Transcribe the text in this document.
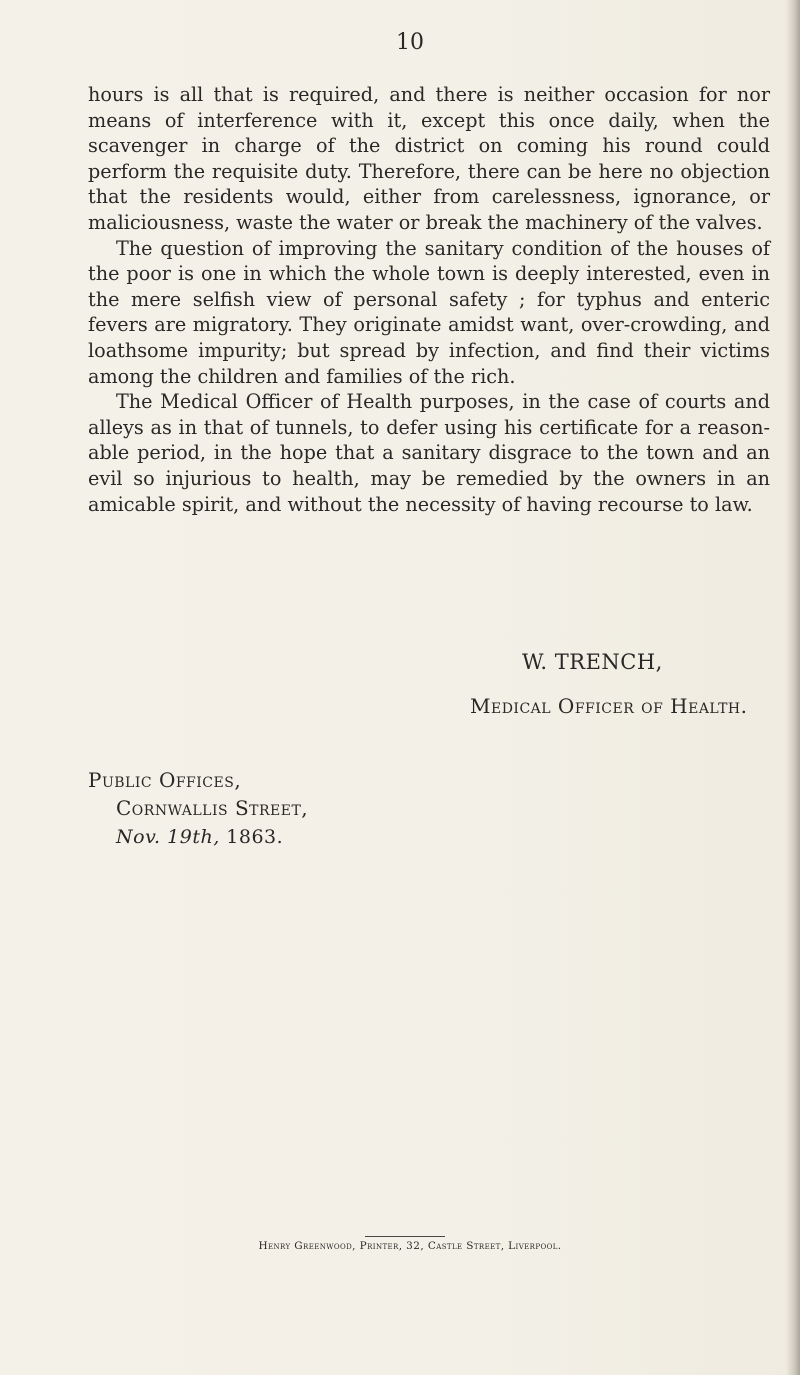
10

hours is all that is required, and there is neither occasion for nor means of interference with it, except this once daily, when the scavenger in charge of the district on coming his round could perform the requisite duty. Therefore, there can be here no objection that the residents would, either from carelessness, ignorance, or maliciousness, waste the water or break the machinery of the valves.

The question of improving the sanitary condition of the houses of the poor is one in which the whole town is deeply interested, even in the mere selfish view of personal safety ; for typhus and enteric fevers are migratory. They originate amidst want, over-crowding, and loathsome impurity; but spread by infection, and find their victims among the children and families of the rich.

The Medical Officer of Health purposes, in the case of courts and alleys as in that of tunnels, to defer using his certificate for a reason-able period, in the hope that a sanitary disgrace to the town and an evil so injurious to health, may be remedied by the owners in an amicable spirit, and without the necessity of having recourse to law.

W. TRENCH,
Medical Officer of Health.
Public Offices,
Cornwallis Street,
Nov. 19th, 1863.
Henry Greenwood, Printer, 32, Castle Street, Liverpool.
